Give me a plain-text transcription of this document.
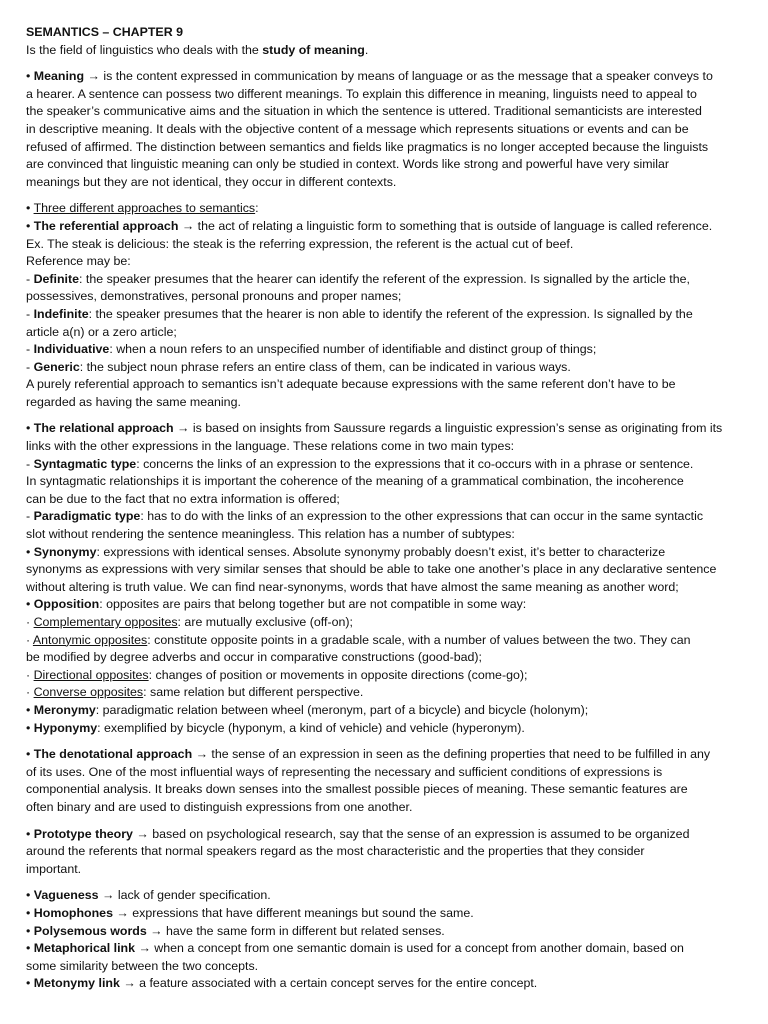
SEMANTICS – CHAPTER 9
Is the field of linguistics who deals with the study of meaning.
• Meaning → is the content expressed in communication by means of language or as the message that a speaker conveys to
a hearer. A sentence can possess two different meanings. To explain this difference in meaning, linguists need to appeal to
the speaker’s communicative aims and the situation in which the sentence is uttered. Traditional semanticists are interested
in descriptive meaning. It deals with the objective content of a message which represents situations or events and can be
refused of affirmed. The distinction between semantics and fields like pragmatics is no longer accepted because the linguists
are convinced that linguistic meaning can only be studied in context. Words like strong and powerful have very similar
meanings but they are not identical, they occur in different contexts.
• Three different approaches to semantics:
• The referential approach → the act of relating a linguistic form to something that is outside of language is called reference.
Ex. The steak is delicious: the steak is the referring expression, the referent is the actual cut of beef.
Reference may be:
- Definite: the speaker presumes that the hearer can identify the referent of the expression. Is signalled by the article the,
possessives, demonstratives, personal pronouns and proper names;
- Indefinite: the speaker presumes that the hearer is non able to identify the referent of the expression. Is signalled by the
article a(n) or a zero article;
- Individuative: when a noun refers to an unspecified number of identifiable and distinct group of things;
- Generic: the subject noun phrase refers an entire class of them, can be indicated in various ways.
A purely referential approach to semantics isn’t adequate because expressions with the same referent don’t have to be
regarded as having the same meaning.
• The relational approach → is based on insights from Saussure regards a linguistic expression’s sense as originating from its
links with the other expressions in the language. These relations come in two main types:
- Syntagmatic type: concerns the links of an expression to the expressions that it co-occurs with in a phrase or sentence.
In syntagmatic relationships it is important the coherence of the meaning of a grammatical combination, the incoherence
can be due to the fact that no extra information is offered;
- Paradigmatic type: has to do with the links of an expression to the other expressions that can occur in the same syntactic
slot without rendering the sentence meaningless. This relation has a number of subtypes:
• Synonymy: expressions with identical senses. Absolute synonymy probably doesn’t exist, it’s better to characterize
synonyms as expressions with very similar senses that should be able to take one another’s place in any declarative sentence
without altering is truth value. We can find near-synonyms, words that have almost the same meaning as another word;
• Opposition: opposites are pairs that belong together but are not compatible in some way:
· Complementary opposites: are mutually exclusive (off-on);
· Antonymic opposites: constitute opposite points in a gradable scale, with a number of values between the two. They can
be modified by degree adverbs and occur in comparative constructions (good-bad);
· Directional opposites: changes of position or movements in opposite directions (come-go);
· Converse opposites: same relation but different perspective.
• Meronymy: paradigmatic relation between wheel (meronym, part of a bicycle) and bicycle (holonym);
• Hyponymy: exemplified by bicycle (hyponym, a kind of vehicle) and vehicle (hyperonym).
• The denotational approach → the sense of an expression in seen as the defining properties that need to be fulfilled in any
of its uses. One of the most influential ways of representing the necessary and sufficient conditions of expressions is
componential analysis. It breaks down senses into the smallest possible pieces of meaning. These semantic features are
often binary and are used to distinguish expressions from one another.
• Prototype theory → based on psychological research, say that the sense of an expression is assumed to be organized
around the referents that normal speakers regard as the most characteristic and the properties that they consider
important.
• Vagueness → lack of gender specification.
• Homophones → expressions that have different meanings but sound the same.
• Polysemous words → have the same form in different but related senses.
• Metaphorical link → when a concept from one semantic domain is used for a concept from another domain, based on
some similarity between the two concepts.
• Metonymy link → a feature associated with a certain concept serves for the entire concept.
